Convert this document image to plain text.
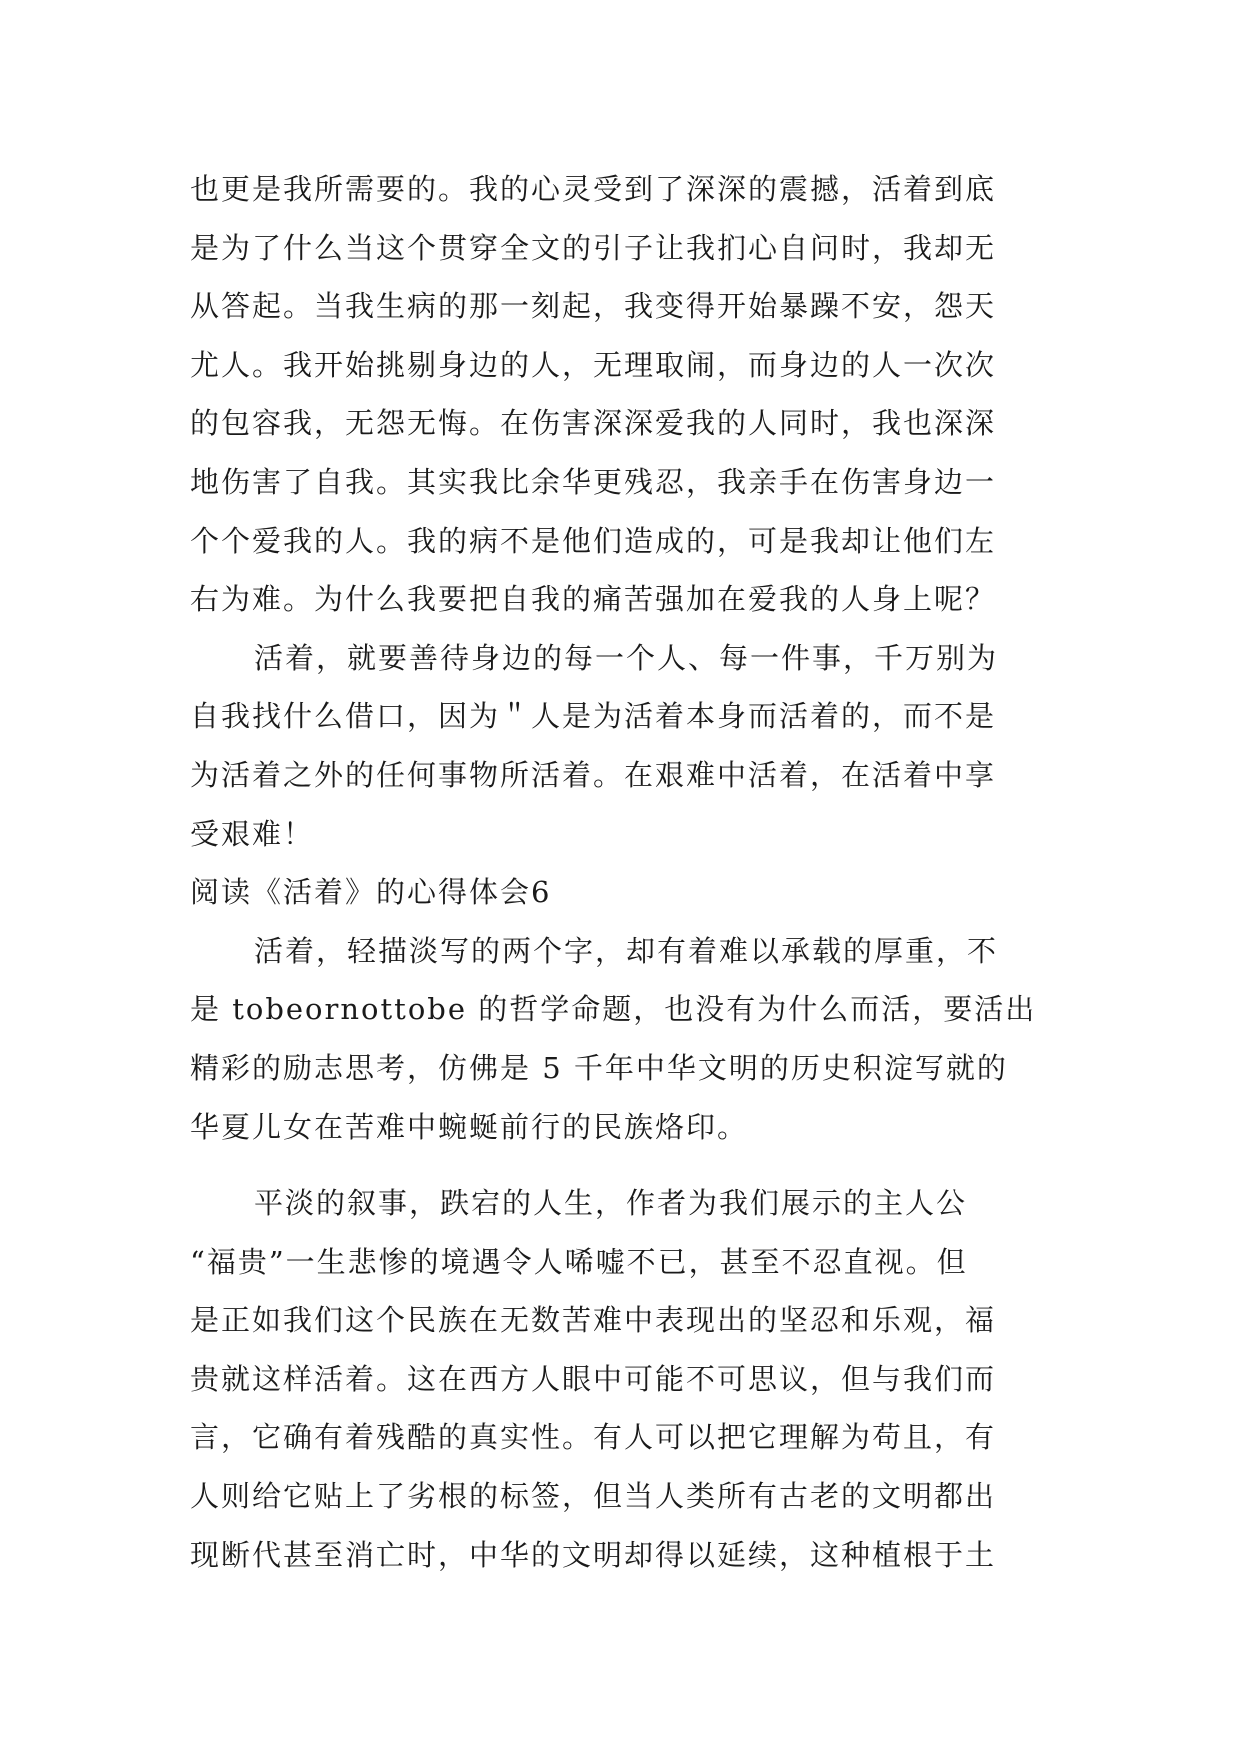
也更是我所需要的。我的心灵受到了深深的震撼，活着到底
是为了什么当这个贯穿全文的引子让我扪心自问时，我却无
从答起。当我生病的那一刻起，我变得开始暴躁不安，怨天
尤人。我开始挑剔身边的人，无理取闹，而身边的人一次次
的包容我，无怨无悔。在伤害深深爱我的人同时，我也深深
地伤害了自我。其实我比余华更残忍，我亲手在伤害身边一
个个爱我的人。我的病不是他们造成的，可是我却让他们左
右为难。为什么我要把自我的痛苦强加在爱我的人身上呢？
活着，就要善待身边的每一个人、每一件事，千万别为
自我找什么借口，因为＂人是为活着本身而活着的，而不是
为活着之外的任何事物所活着。在艰难中活着，在活着中享
受艰难！
阅读《活着》的心得体会6
活着，轻描淡写的两个字，却有着难以承载的厚重，不
是 tobeornottobe 的哲学命题，也没有为什么而活，要活出
精彩的励志思考，仿佛是 5 千年中华文明的历史积淀写就的
华夏儿女在苦难中蜿蜒前行的民族烙印。
平淡的叙事，跌宕的人生，作者为我们展示的主人公
“福贵”一生悲惨的境遇令人唏嘘不已，甚至不忍直视。但
是正如我们这个民族在无数苦难中表现出的坚忍和乐观，福
贵就这样活着。这在西方人眼中可能不可思议，但与我们而
言，它确有着残酷的真实性。有人可以把它理解为苟且，有
人则给它贴上了劣根的标签，但当人类所有古老的文明都出
现断代甚至消亡时，中华的文明却得以延续，这种植根于土
